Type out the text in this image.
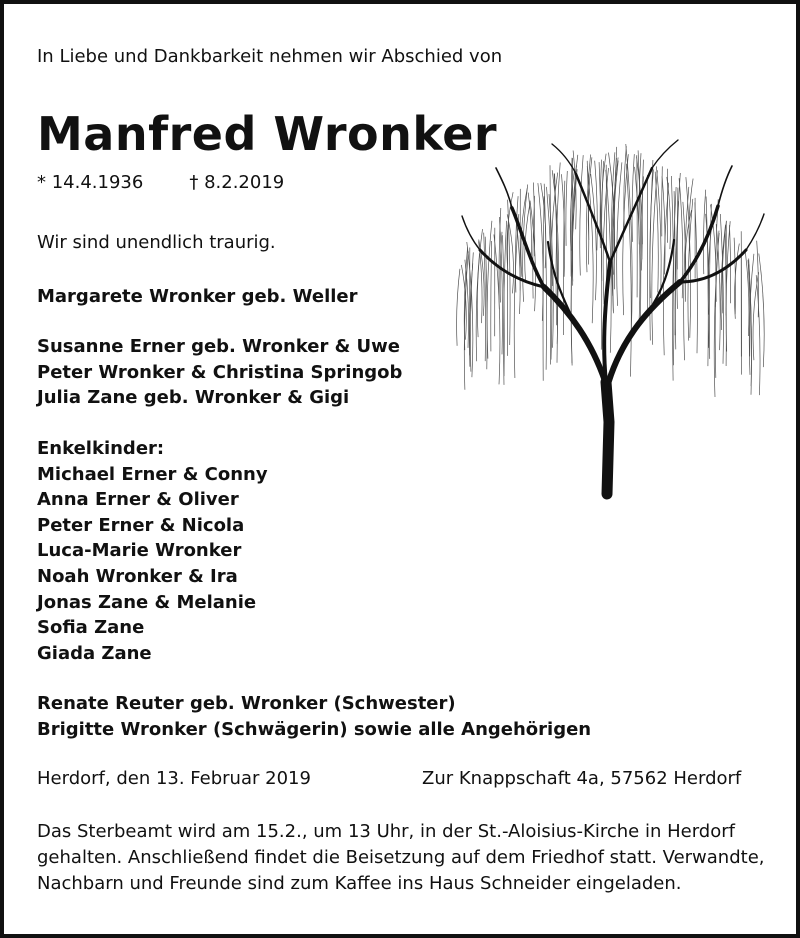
In Liebe und Dankbarkeit nehmen wir Abschied von
Manfred Wronker
* 14.4.1936	† 8.2.2019
Wir sind unendlich traurig.
Margarete Wronker geb. Weller
Susanne Erner geb. Wronker & Uwe
Peter Wronker & Christina Springob
Julia Zane geb. Wronker & Gigi
Enkelkinder:
Michael Erner & Conny
Anna Erner & Oliver
Peter Erner & Nicola
Luca-Marie Wronker
Noah Wronker & Ira
Jonas Zane & Melanie
Sofia Zane
Giada Zane
Renate Reuter geb. Wronker (Schwester)
Brigitte Wronker (Schwägerin) sowie alle Angehörigen
Herdorf, den 13. Februar 2019	Zur Knappschaft 4a, 57562 Herdorf
Das Sterbeamt wird am 15.2., um 13 Uhr, in der St.-Aloisius-Kirche in Herdorf
gehalten. Anschließend findet die Beisetzung auf dem Friedhof statt. Verwandte,
Nachbarn und Freunde sind zum Kaffee ins Haus Schneider eingeladen.
